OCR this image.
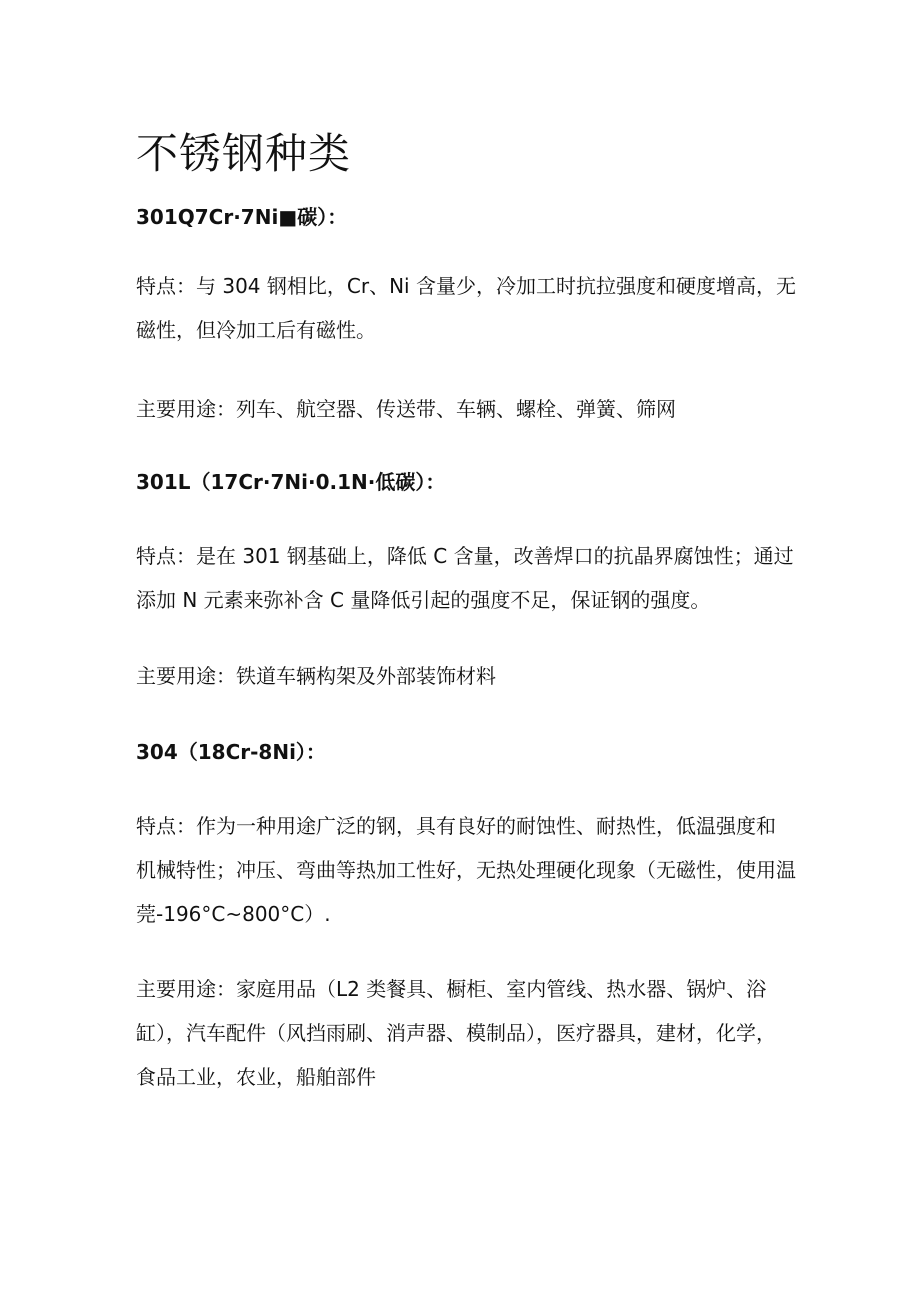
不锈钢种类
301Q7Cr·7Ni■碳）：
特点：与 304 钢相比，Cr、Ni 含量少，冷加工时抗拉强度和硬度增高，无
磁性，但冷加工后有磁性。
主要用途：列车、航空器、传送带、车辆、螺栓、弹簧、筛网
301L（17Cr·7Ni·0.1N·低碳）：
特点：是在 301 钢基础上，降低 C 含量，改善焊口的抗晶界腐蚀性；通过
添加 N 元素来弥补含 C 量降低引起的强度不足，保证钢的强度。
主要用途：铁道车辆构架及外部装饰材料
304（18Cr-8Ni）：
特点：作为一种用途广泛的钢，具有良好的耐蚀性、耐热性，低温强度和
机械特性；冲压、弯曲等热加工性好，无热处理硬化现象（无磁性，使用温
莞-196°C~800°C）.
主要用途：家庭用品（L2 类餐具、橱柜、室内管线、热水器、锅炉、浴
缸），汽车配件（风挡雨刷、消声器、模制品），医疗器具，建材，化学，
食品工业，农业，船舶部件
